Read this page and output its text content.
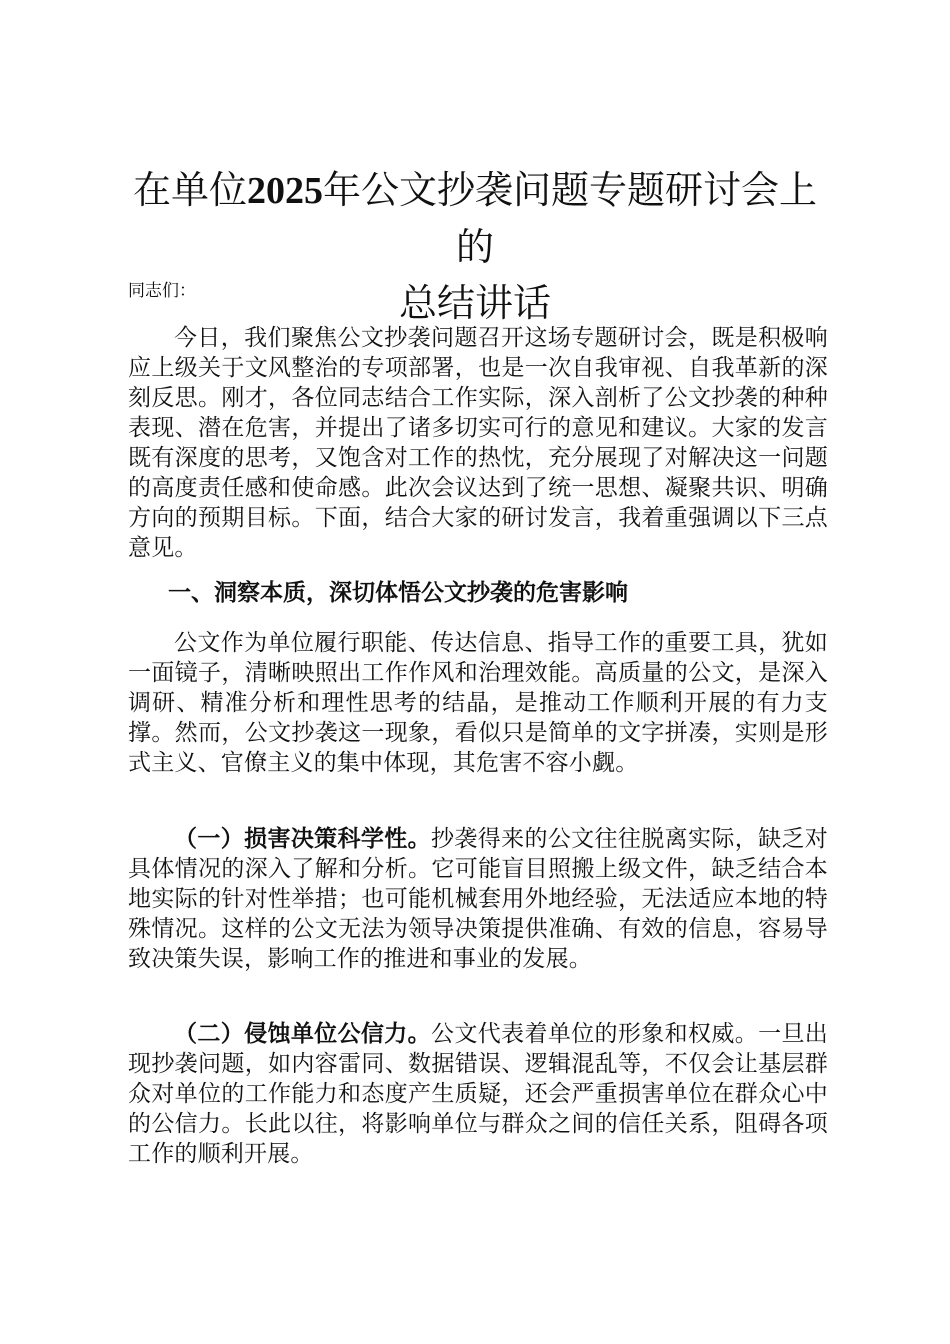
在单位2025年公文抄袭问题专题研讨会上的
总结讲话

同志们：

今日，我们聚焦公文抄袭问题召开这场专题研讨会，既是积极响应上级关于文风整治的专项部署，也是一次自我审视、自我革新的深刻反思。刚才，各位同志结合工作实际，深入剖析了公文抄袭的种种表现、潜在危害，并提出了诸多切实可行的意见和建议。大家的发言既有深度的思考，又饱含对工作的热忱，充分展现了对解决这一问题的高度责任感和使命感。此次会议达到了统一思想、凝聚共识、明确方向的预期目标。下面，结合大家的研讨发言，我着重强调以下三点意见。

一、洞察本质，深切体悟公文抄袭的危害影响

公文作为单位履行职能、传达信息、指导工作的重要工具，犹如一面镜子，清晰映照出工作作风和治理效能。高质量的公文，是深入调研、精准分析和理性思考的结晶，是推动工作顺利开展的有力支撑。然而，公文抄袭这一现象，看似只是简单的文字拼凑，实则是形式主义、官僚主义的集中体现，其危害不容小觑。

（一）损害决策科学性。抄袭得来的公文往往脱离实际，缺乏对具体情况的深入了解和分析。它可能盲目照搬上级文件，缺乏结合本地实际的针对性举措；也可能机械套用外地经验，无法适应本地的特殊情况。这样的公文无法为领导决策提供准确、有效的信息，容易导致决策失误，影响工作的推进和事业的发展。

（二）侵蚀单位公信力。公文代表着单位的形象和权威。一旦出现抄袭问题，如内容雷同、数据错误、逻辑混乱等，不仅会让基层群众对单位的工作能力和态度产生质疑，还会严重损害单位在群众心中的公信力。长此以往，将影响单位与群众之间的信任关系，阻碍各项工作的顺利开展。
